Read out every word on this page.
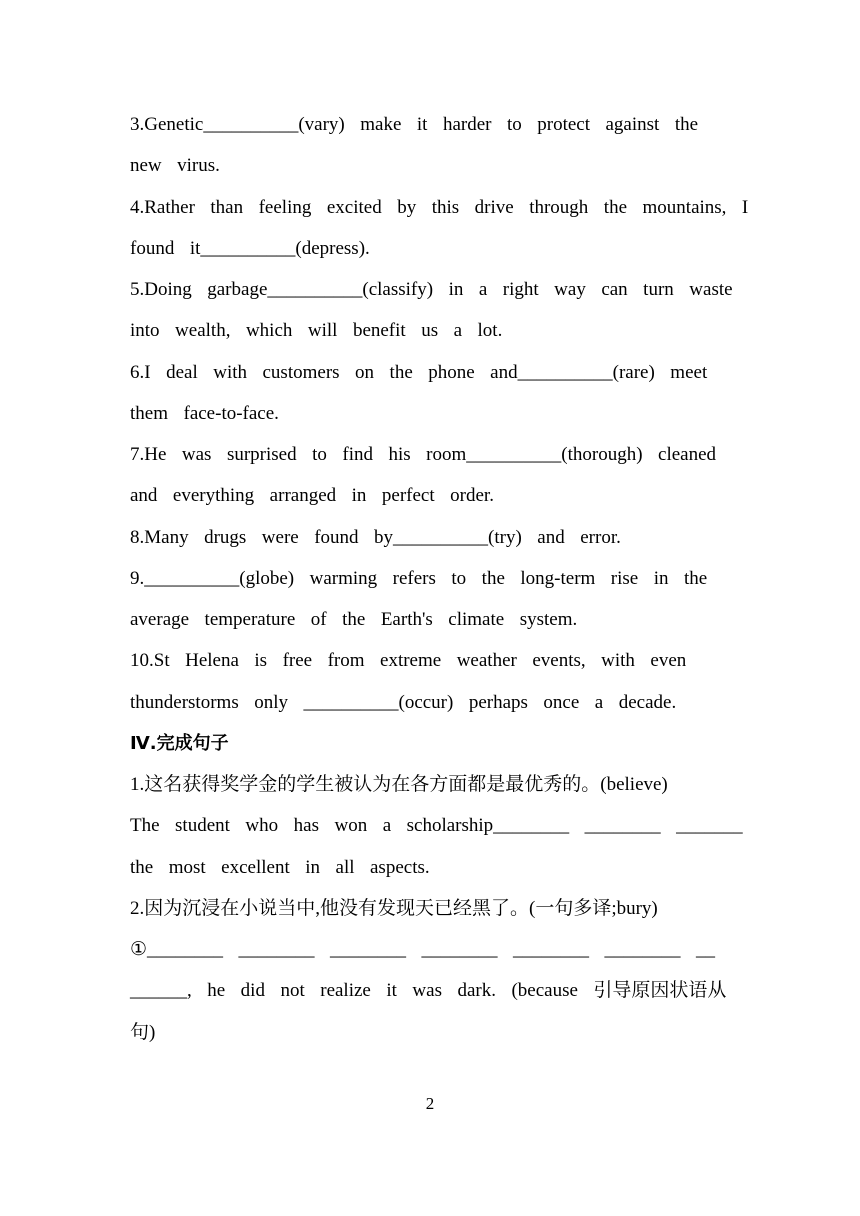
3.Genetic__________(vary)  make  it  harder  to  protect  against  the
new  virus.
4.Rather  than  feeling  excited  by  this  drive  through  the  mountains,  I
found  it__________(depress).
5.Doing  garbage__________(classify)  in  a  right  way  can  turn  waste
into  wealth,  which  will  benefit  us  a  lot.
6.I  deal  with  customers  on  the  phone  and__________(rare)  meet
them  face-to-face.
7.He  was  surprised  to  find  his  room__________(thorough)  cleaned
and  everything  arranged  in  perfect  order.
8.Many  drugs  were  found  by__________(try)  and  error.
9.__________(globe)  warming  refers  to  the  long-term  rise  in  the
average  temperature  of  the  Earth's  climate  system.
10.St  Helena  is  free  from  extreme  weather  events,  with  even
thunderstorms  only  __________(occur)  perhaps  once  a  decade.
Ⅳ.完成句子
1.这名获得奖学金的学生被认为在各方面都是最优秀的。(believe)
The  student  who  has  won  a  scholarship________  ________  _______
the  most  excellent  in  all  aspects.
2.因为沉浸在小说当中,他没有发现天已经黑了。(一句多译;bury)
①________  ________  ________  ________  ________  ________  __
______,  he  did  not  realize  it  was  dark.  (because  引导原因状语从
句)
2
